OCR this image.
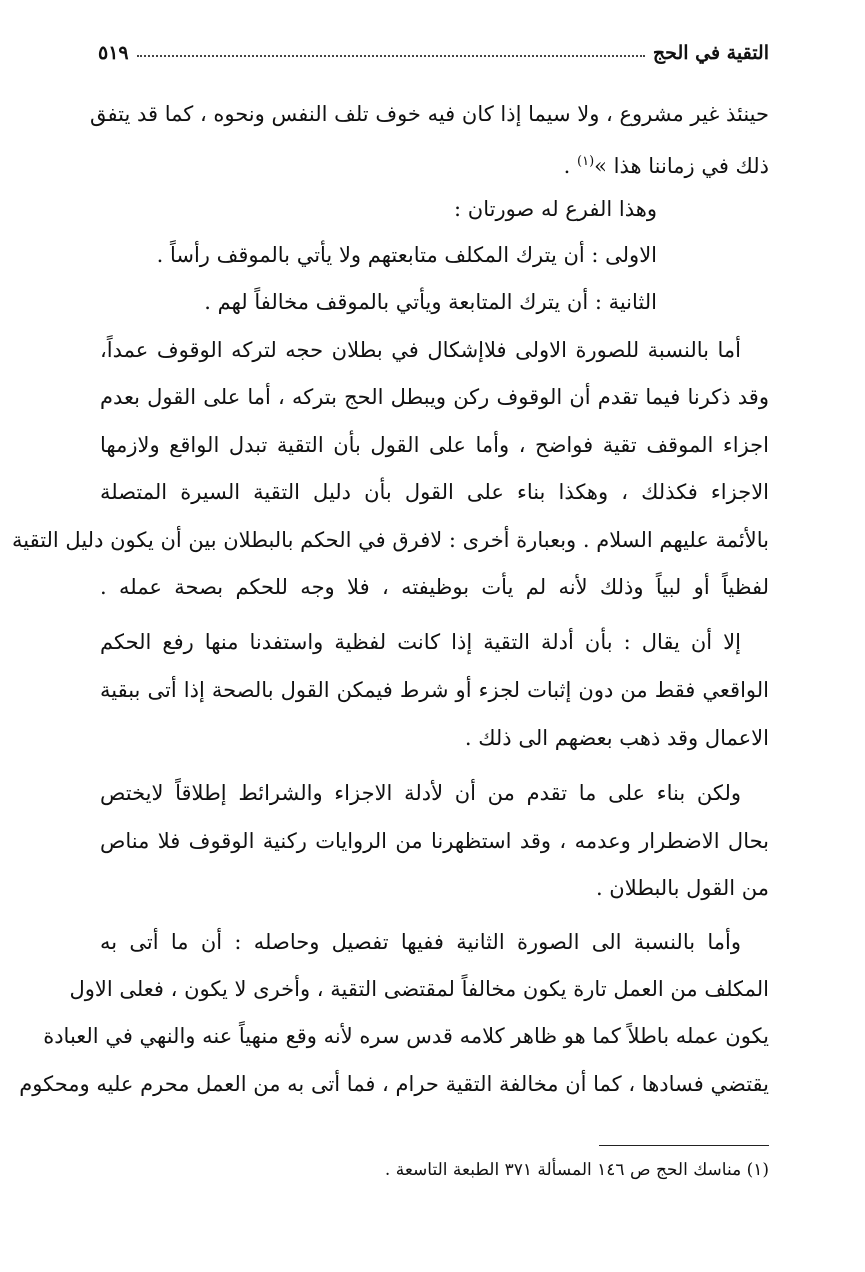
التقية في الحج
٥١٩
حينئذ غير مشروع ، ولا سيما إذا كان فيه خوف تلف النفس ونحوه ، كما قد يتفق
ذلك في زماننا هذا »$^{(١)}$ .
وهذا الفرع له صورتان :
الاولى : أن يترك المكلف متابعتهم ولا يأتي بالموقف رأساً .
الثانية : أن يترك المتابعة ويأتي بالموقف مخالفاً لهم .
أما بالنسبة للصورة الاولى فلاإشكال في بطلان حجه لتركه الوقوف عمداً،
وقد ذكرنا فيما تقدم أن الوقوف ركن ويبطل الحج بتركه ، أما على القول بعدم
اجزاء الموقف تقية فواضح ، وأما على القول بأن التقية تبدل الواقع ولازمها
الاجزاء فكذلك ، وهكذا بناء على القول بأن دليل التقية السيرة المتصلة
بالأئمة عليهم السلام . وبعبارة أخرى : لافرق في الحكم بالبطلان بين أن يكون دليل التقية
لفظياً أو لبياً وذلك لأنه لم يأت بوظيفته ، فلا وجه للحكم بصحة عمله .
إلا أن يقال : بأن أدلة التقية إذا كانت لفظية واستفدنا منها رفع الحكم
الواقعي فقط من دون إثبات لجزء أو شرط فيمكن القول بالصحة إذا أتى ببقية
الاعمال وقد ذهب بعضهم الى ذلك .
ولكن بناء على ما تقدم من أن لأدلة الاجزاء والشرائط إطلاقاً لايختص
بحال الاضطرار وعدمه ، وقد استظهرنا من الروايات ركنية الوقوف فلا مناص
من القول بالبطلان .
وأما بالنسبة الى الصورة الثانية ففيها تفصيل وحاصله : أن ما أتى به
المكلف من العمل تارة يكون مخالفاً لمقتضى التقية ، وأخرى لا يكون ، فعلى الاول
يكون عمله باطلاً كما هو ظاهر كلامه قدس سره لأنه وقع منهياً عنه والنهي في العبادة
يقتضي فسادها ، كما أن مخالفة التقية حرام ، فما أتى به من العمل محرم عليه ومحكوم
(١) مناسك الحج ص ١٤٦ المسألة ٣٧١ الطبعة التاسعة .
